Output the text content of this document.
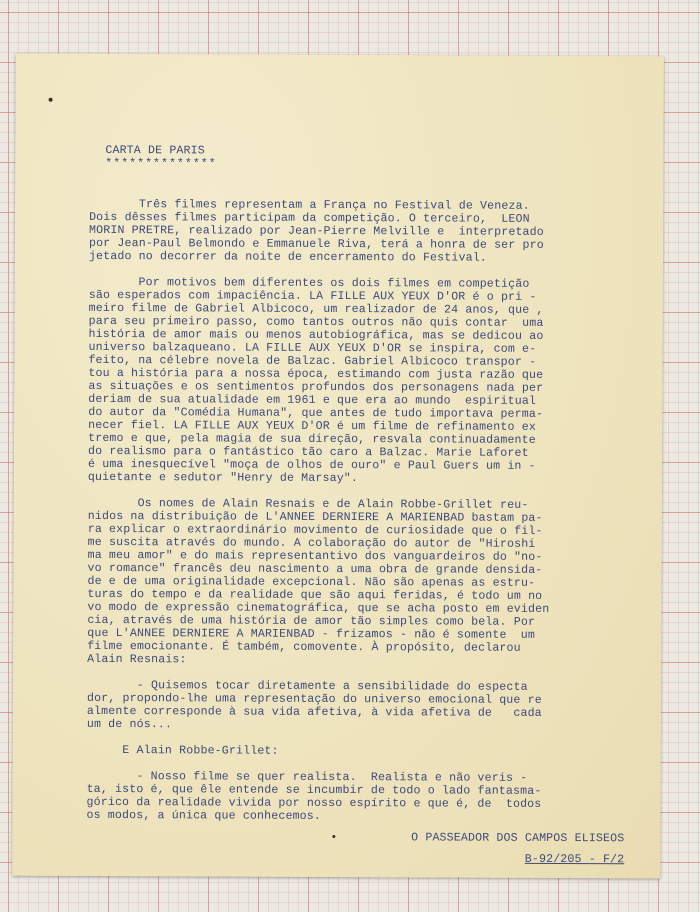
CARTA DE PARIS
**************
Três filmes representam a França no Festival de Veneza.
Dois dêsses filmes participam da competição. O terceiro,  LEON
MORIN PRETRE, realizado por Jean-Pierre Melville e  interpretado
por Jean-Paul Belmondo e Emmanuele Riva, terá a honra de ser pro
jetado no decorrer da noite de encerramento do Festival.
Por motivos bem diferentes os dois filmes em competição
são esperados com impaciência. LA FILLE AUX YEUX D'OR é o pri -
meiro filme de Gabriel Albicoco, um realizador de 24 anos, que ,
para seu primeiro passo, como tantos outros não quis contar  uma
história de amor mais ou menos autobiográfica, mas se dedicou ao
universo balzaqueano. LA FILLE AUX YEUX D'OR se inspira, com e-
feito, na célebre novela de Balzac. Gabriel Albicoco transpor -
tou a história para a nossa época, estimando com justa razão que
as situações e os sentimentos profundos dos personagens nada per
deriam de sua atualidade em 1961 e que era ao mundo  espiritual
do autor da "Comédia Humana", que antes de tudo importava perma-
necer fiel. LA FILLE AUX YEUX D'OR é um filme de refinamento ex
tremo e que, pela magia de sua direção, resvala continuadamente
do realismo para o fantástico tão caro a Balzac. Marie Laforet
é uma inesquecível "moça de olhos de ouro" e Paul Guers um in -
quietante e sedutor "Henry de Marsay".
Os nomes de Alain Resnais e de Alain Robbe-Grillet reu-
nidos na distribuição de L'ANNEE DERNIERE A MARIENBAD bastam pa-
ra explicar o extraordinário movimento de curiosidade que o fil-
me suscita através do mundo. A colaboração do autor de "Hiroshi
ma meu amor" e do mais representantivo dos vanguardeiros do "no-
vo romance" francês deu nascimento a uma obra de grande densida-
de e de uma originalidade excepcional. Não são apenas as estru-
turas do tempo e da realidade que são aqui feridas, é todo um no
vo modo de expressão cinematográfica, que se acha posto em eviden
cia, através de uma história de amor tão simples como bela. Por
que L'ANNEE DERNIERE A MARIENBAD - frizamos - não é somente  um
filme emocionante. É também, comovente. À propósito, declarou
Alain Resnais:
- Quisemos tocar diretamente a sensibilidade do especta
dor, propondo-lhe uma representação do universo emocional que re
almente corresponde à sua vida afetiva, à vida afetiva de   cada
um de nós...
E Alain Robbe-Grillet:
- Nosso filme se quer realista.  Realista e não veris -
ta, isto é, que êle entende se incumbir de todo o lado fantasma-
górico da realidade vivida por nosso espírito e que é, de  todos
os modos, a única que conhecemos.
O PASSEADOR DOS CAMPOS ELISEOS
B-92/205 - F/2
